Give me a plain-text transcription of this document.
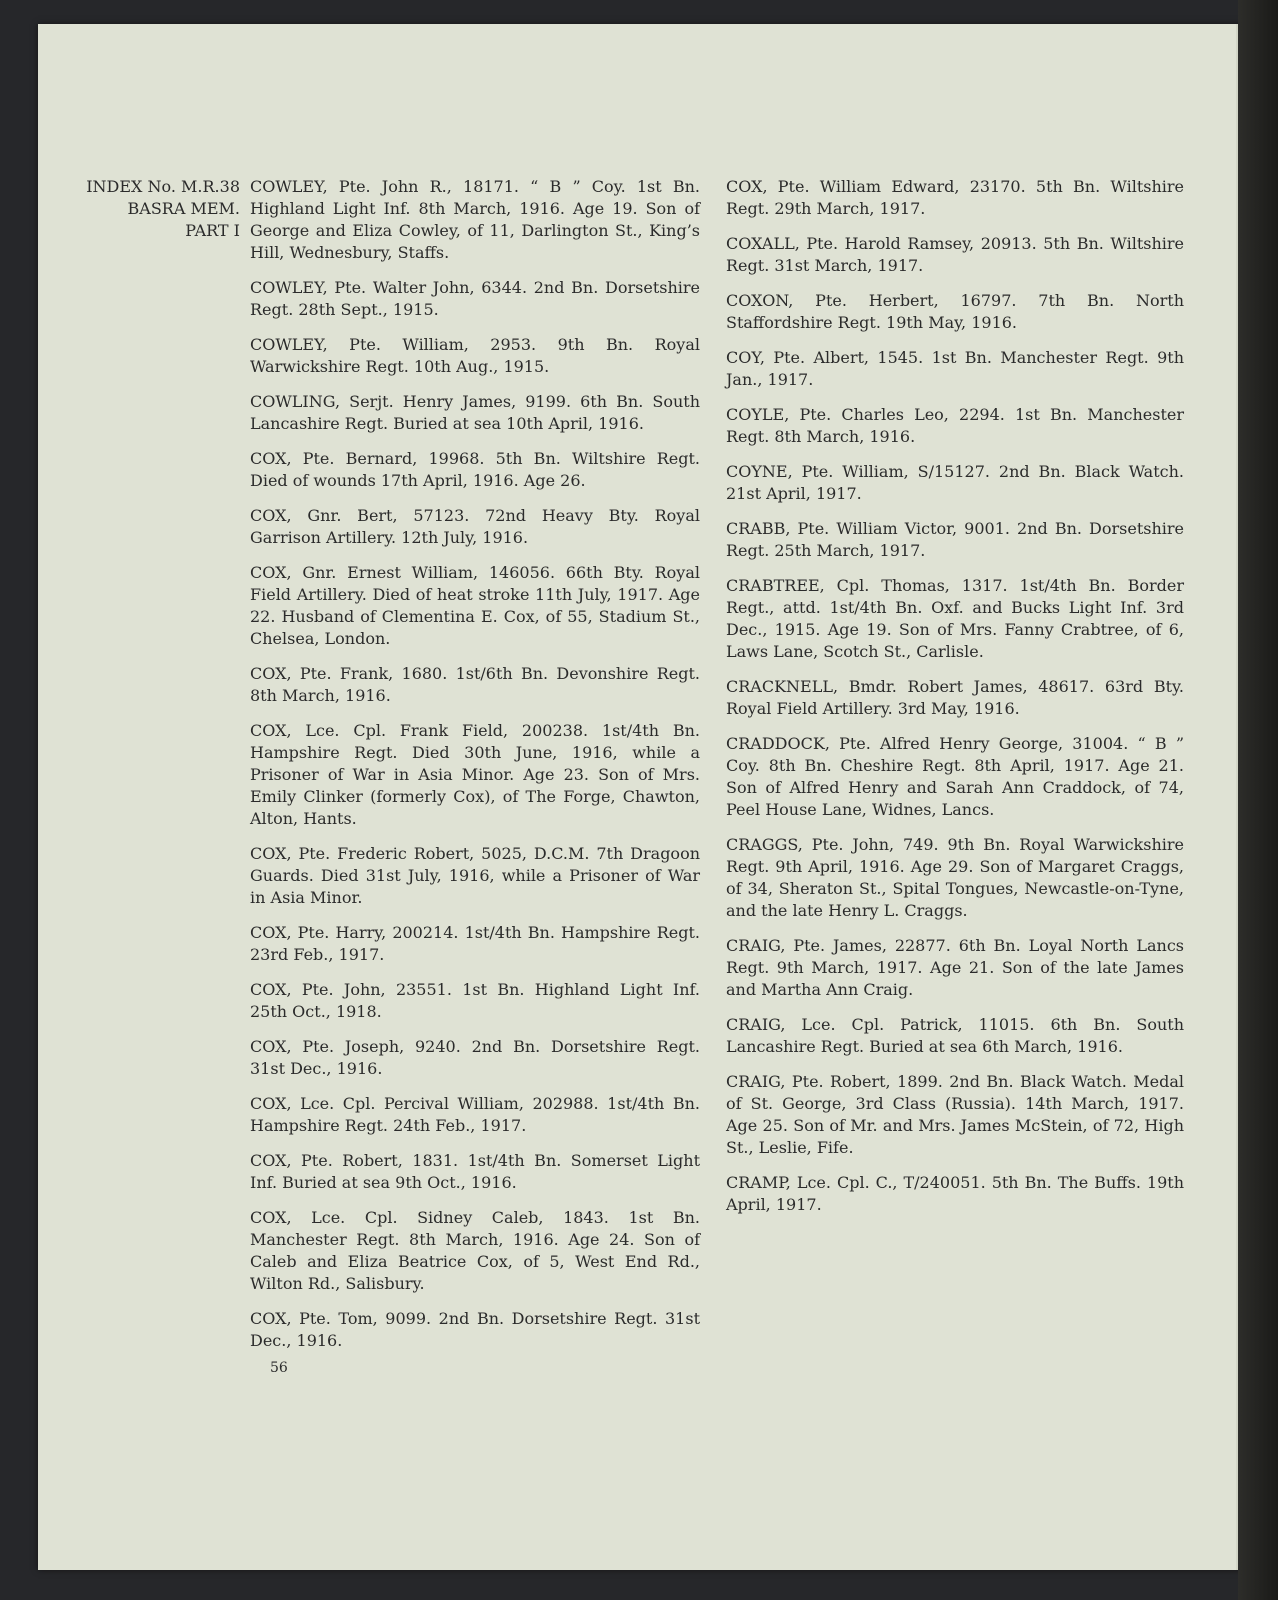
INDEX No. M.R.38
BASRA MEM.
PART I

COWLEY, Pte. John R., 18171. “ B ” Coy. 1st Bn. Highland Light Inf. 8th March, 1916. Age 19. Son of George and Eliza Cowley, of 11, Darlington St., King’s Hill, Wednesbury, Staffs.

COWLEY, Pte. Walter John, 6344. 2nd Bn. Dorsetshire Regt. 28th Sept., 1915.

COWLEY, Pte. William, 2953. 9th Bn. Royal Warwickshire Regt. 10th Aug., 1915.

COWLING, Serjt. Henry James, 9199. 6th Bn. South Lancashire Regt. Buried at sea 10th April, 1916.

COX, Pte. Bernard, 19968. 5th Bn. Wiltshire Regt. Died of wounds 17th April, 1916. Age 26.

COX, Gnr. Bert, 57123. 72nd Heavy Bty. Royal Garrison Artillery. 12th July, 1916.

COX, Gnr. Ernest William, 146056. 66th Bty. Royal Field Artillery. Died of heat stroke 11th July, 1917. Age 22. Husband of Clementina E. Cox, of 55, Stadium St., Chelsea, London.

COX, Pte. Frank, 1680. 1st/6th Bn. Devonshire Regt. 8th March, 1916.

COX, Lce. Cpl. Frank Field, 200238. 1st/4th Bn. Hampshire Regt. Died 30th June, 1916, while a Prisoner of War in Asia Minor. Age 23. Son of Mrs. Emily Clinker (formerly Cox), of The Forge, Chawton, Alton, Hants.

COX, Pte. Frederic Robert, 5025, D.C.M. 7th Dragoon Guards. Died 31st July, 1916, while a Prisoner of War in Asia Minor.

COX, Pte. Harry, 200214. 1st/4th Bn. Hampshire Regt. 23rd Feb., 1917.

COX, Pte. John, 23551. 1st Bn. Highland Light Inf. 25th Oct., 1918.

COX, Pte. Joseph, 9240. 2nd Bn. Dorsetshire Regt. 31st Dec., 1916.

COX, Lce. Cpl. Percival William, 202988. 1st/4th Bn. Hampshire Regt. 24th Feb., 1917.

COX, Pte. Robert, 1831. 1st/4th Bn. Somerset Light Inf. Buried at sea 9th Oct., 1916.

COX, Lce. Cpl. Sidney Caleb, 1843. 1st Bn. Manchester Regt. 8th March, 1916. Age 24. Son of Caleb and Eliza Beatrice Cox, of 5, West End Rd., Wilton Rd., Salisbury.

COX, Pte. Tom, 9099. 2nd Bn. Dorsetshire Regt. 31st Dec., 1916.

COX, Pte. William Edward, 23170. 5th Bn. Wiltshire Regt. 29th March, 1917.

COXALL, Pte. Harold Ramsey, 20913. 5th Bn. Wiltshire Regt. 31st March, 1917.

COXON, Pte. Herbert, 16797. 7th Bn. North Staffordshire Regt. 19th May, 1916.

COY, Pte. Albert, 1545. 1st Bn. Manchester Regt. 9th Jan., 1917.

COYLE, Pte. Charles Leo, 2294. 1st Bn. Manchester Regt. 8th March, 1916.

COYNE, Pte. William, S/15127. 2nd Bn. Black Watch. 21st April, 1917.

CRABB, Pte. William Victor, 9001. 2nd Bn. Dorsetshire Regt. 25th March, 1917.

CRABTREE, Cpl. Thomas, 1317. 1st/4th Bn. Border Regt., attd. 1st/4th Bn. Oxf. and Bucks Light Inf. 3rd Dec., 1915. Age 19. Son of Mrs. Fanny Crabtree, of 6, Laws Lane, Scotch St., Carlisle.

CRACKNELL, Bmdr. Robert James, 48617. 63rd Bty. Royal Field Artillery. 3rd May, 1916.

CRADDOCK, Pte. Alfred Henry George, 31004. “ B ” Coy. 8th Bn. Cheshire Regt. 8th April, 1917. Age 21. Son of Alfred Henry and Sarah Ann Craddock, of 74, Peel House Lane, Widnes, Lancs.

CRAGGS, Pte. John, 749. 9th Bn. Royal Warwickshire Regt. 9th April, 1916. Age 29. Son of Margaret Craggs, of 34, Sheraton St., Spital Tongues, Newcastle-on-Tyne, and the late Henry L. Craggs.

CRAIG, Pte. James, 22877. 6th Bn. Loyal North Lancs Regt. 9th March, 1917. Age 21. Son of the late James and Martha Ann Craig.

CRAIG, Lce. Cpl. Patrick, 11015. 6th Bn. South Lancashire Regt. Buried at sea 6th March, 1916.

CRAIG, Pte. Robert, 1899. 2nd Bn. Black Watch. Medal of St. George, 3rd Class (Russia). 14th March, 1917. Age 25. Son of Mr. and Mrs. James McStein, of 72, High St., Leslie, Fife.

CRAMP, Lce. Cpl. C., T/240051. 5th Bn. The Buffs. 19th April, 1917.

56
